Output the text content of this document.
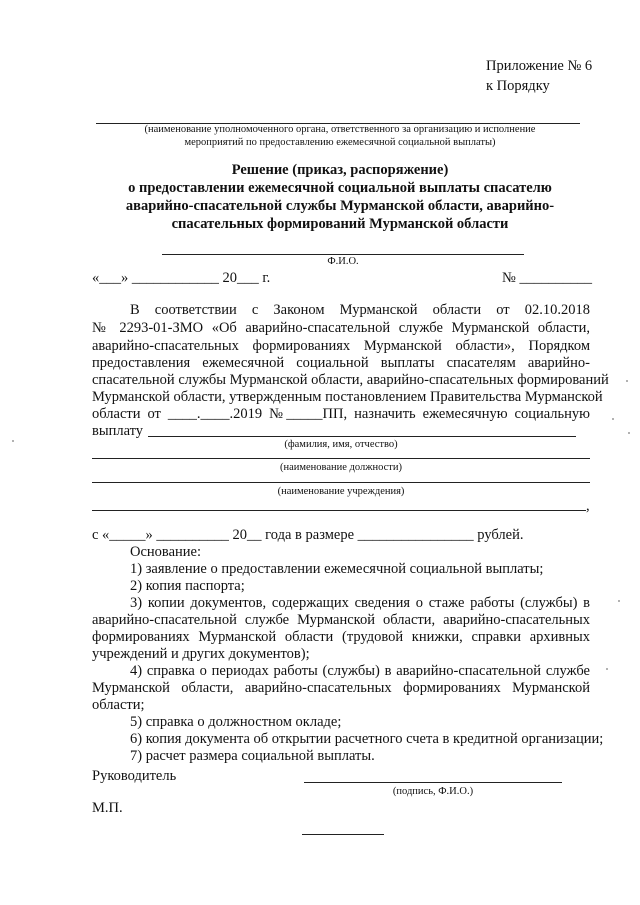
Приложение № 6
к Порядку
(наименование уполномоченного органа, ответственного за организацию и исполнение
мероприятий по предоставлению ежемесячной социальной выплаты)
Решение (приказ, распоряжение)
о предоставлении ежемесячной социальной выплаты спасателю
аварийно-спасательной службы Мурманской области, аварийно-
спасательных формирований Мурманской области
Ф.И.О.
«___» ____________ 20___ г.	№ __________
В соответствии с Законом Мурманской области от 02.10.2018
№ 2293-01-ЗМО «Об аварийно-спасательной службе Мурманской области,
аварийно-спасательных формированиях Мурманской области», Порядком
предоставления ежемесячной социальной выплаты спасателям аварийно-
спасательной службы Мурманской области, аварийно-спасательных формирований
Мурманской области, утвержденным постановлением Правительства Мурманской
области от ____.____.2019 №_____ПП, назначить ежемесячную социальную
выплату
(фамилия, имя, отчество)
(наименование должности)
(наименование учреждения)
,
с «_____» __________ 20__ года в размере ________________ рублей.
Основание:
1) заявление о предоставлении ежемесячной социальной выплаты;
2) копия паспорта;
3) копии документов, содержащих сведения о стаже работы (службы) в
аварийно-спасательной службе Мурманской области, аварийно-спасательных
формированиях Мурманской области (трудовой книжки, справки архивных
учреждений и других документов);
4) справка о периодах работы (службы) в аварийно-спасательной службе
Мурманской области, аварийно-спасательных формированиях Мурманской
области;
5) справка о должностном окладе;
6) копия документа об открытии расчетного счета в кредитной организации;
7) расчет размера социальной выплаты.
Руководитель
(подпись, Ф.И.О.)
М.П.
